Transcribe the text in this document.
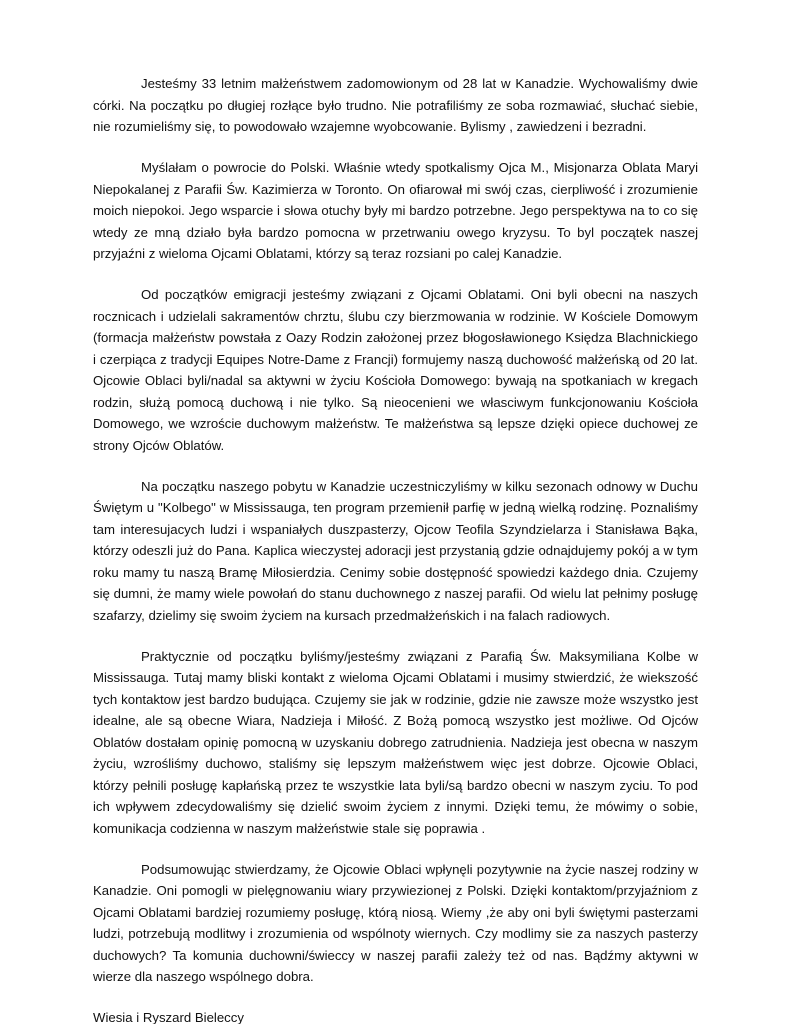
Jesteśmy 33 letnim małżeństwem zadomowionym od 28 lat w Kanadzie. Wychowaliśmy dwie córki. Na początku po długiej rozłące było trudno. Nie potrafiliśmy ze soba rozmawiać, słuchać siebie, nie rozumieliśmy się, to powodowało wzajemne wyobcowanie. Bylismy , zawiedzeni i bezradni.

Myślałam o powrocie do Polski. Właśnie wtedy spotkalismy Ojca M., Misjonarza Oblata Maryi Niepokalanej z Parafii Św. Kazimierza w Toronto. On ofiarował mi swój czas, cierpliwość i zrozumienie moich niepokoi. Jego wsparcie i słowa otuchy były mi bardzo potrzebne. Jego perspektywa na to co się wtedy ze mną działo była bardzo pomocna w przetrwaniu owego kryzysu. To byl początek naszej przyjaźni z wieloma Ojcami Oblatami, którzy są teraz rozsiani po calej Kanadzie.

Od początków emigracji jesteśmy związani z Ojcami Oblatami. Oni byli obecni na naszych rocznicach i udzielali sakramentów chrztu, ślubu czy bierzmowania w rodzinie. W Kościele Domowym (formacja małżeństw powstała z Oazy Rodzin założonej przez błogosławionego Księdza Blachnickiego i czerpiąca z tradycji Equipes Notre-Dame z Francji) formujemy naszą duchowość małżeńską od 20 lat. Ojcowie Oblaci byli/nadal sa aktywni w życiu Kościoła Domowego: bywają na spotkaniach w kregach rodzin, służą pomocą duchową i nie tylko. Są nieocenieni we własciwym funkcjonowaniu Kościoła Domowego, we wzroście duchowym małżeństw. Te małżeństwa są lepsze dzięki opiece duchowej ze strony Ojców Oblatów.

Na początku naszego pobytu w Kanadzie uczestniczyliśmy w kilku sezonach odnowy w Duchu Świętym u "Kolbego" w Mississauga, ten program przemienił parfię w jedną wielką rodzinę. Poznaliśmy tam interesujacych ludzi i wspaniałych duszpasterzy, Ojcow Teofila Szyndzielarza i Stanisława Bąka, którzy odeszli już do Pana. Kaplica wieczystej adoracji jest przystanią gdzie odnajdujemy pokój a w tym roku mamy tu naszą Bramę Miłosierdzia. Cenimy sobie dostępność spowiedzi każdego dnia. Czujemy się dumni, że mamy wiele powołań do stanu duchownego z naszej parafii. Od wielu lat pełnimy posługę szafarzy, dzielimy się swoim życiem na kursach przedmałżeńskich i na falach radiowych.

Praktycznie od początku byliśmy/jesteśmy związani z Parafią Św. Maksymiliana Kolbe w Mississauga. Tutaj mamy bliski kontakt z wieloma Ojcami Oblatami i musimy stwierdzić, że wiekszość tych kontaktow jest bardzo budująca. Czujemy sie jak w rodzinie, gdzie nie zawsze może wszystko jest idealne, ale są obecne Wiara, Nadzieja i Miłość. Z Bożą pomocą wszystko jest możliwe. Od Ojców Oblatów dostałam opinię pomocną w uzyskaniu dobrego zatrudnienia. Nadzieja jest obecna w naszym życiu, wzrośliśmy duchowo, staliśmy się lepszym małżeństwem więc jest dobrze. Ojcowie Oblaci, którzy pełnili posługę kapłańską przez te wszystkie lata byli/są bardzo obecni w naszym zyciu. To pod ich wpływem zdecydowaliśmy się dzielić swoim życiem z innymi. Dzięki temu, że mówimy o sobie, komunikacja codzienna w naszym małżeństwie stale się poprawia .

Podsumowując stwierdzamy, że Ojcowie Oblaci wpłynęli pozytywnie na życie naszej rodziny w Kanadzie. Oni pomogli w pielęgnowaniu wiary przywiezionej z Polski. Dzięki kontaktom/przyjaźniom z Ojcami Oblatami bardziej rozumiemy posługę, którą niosą. Wiemy ,że aby oni byli świętymi pasterzami ludzi, potrzebują modlitwy i zrozumienia od wspólnoty wiernych. Czy modlimy sie za naszych pasterzy duchowych? Ta komunia duchowni/świeccy w naszej parafii zależy też od nas. Bądźmy aktywni w wierze dla naszego wspólnego dobra.

Wiesia i Ryszard Bieleccy
